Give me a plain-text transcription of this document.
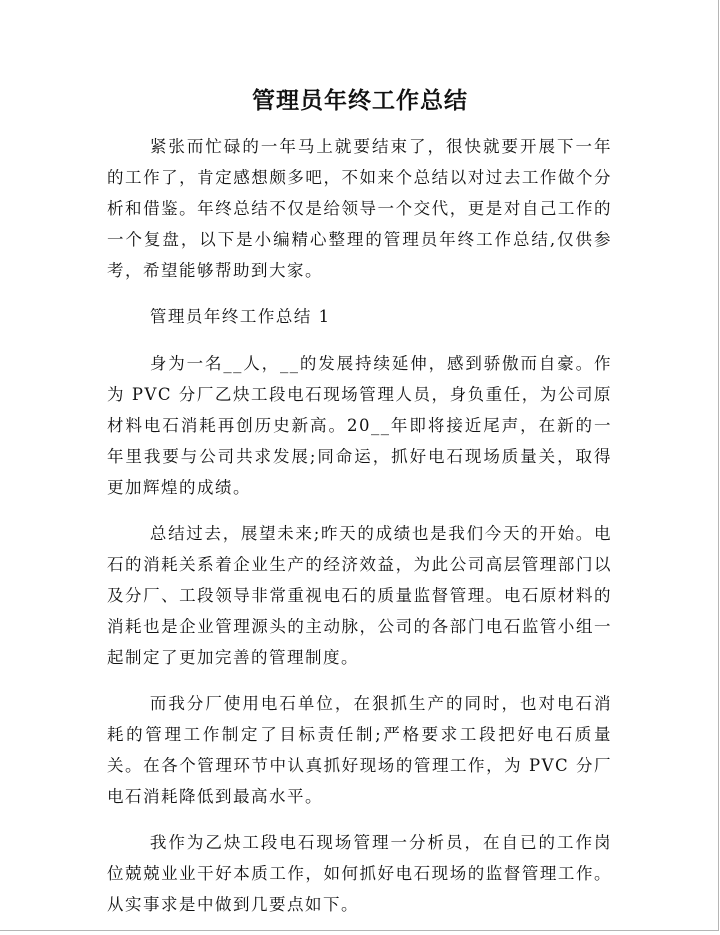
管理员年终工作总结

紧张而忙碌的一年马上就要结束了，很快就要开展下一年的工作了，肯定感想颇多吧，不如来个总结以对过去工作做个分析和借鉴。年终总结不仅是给领导一个交代，更是对自己工作的一个复盘，以下是小编精心整理的管理员年终工作总结,仅供参考，希望能够帮助到大家。

管理员年终工作总结 1

身为一名__人，__的发展持续延伸，感到骄傲而自豪。作为 PVC 分厂乙炔工段电石现场管理人员，身负重任，为公司原材料电石消耗再创历史新高。20__年即将接近尾声，在新的一年里我要与公司共求发展;同命运，抓好电石现场质量关，取得更加辉煌的成绩。

总结过去，展望未来;昨天的成绩也是我们今天的开始。电石的消耗关系着企业生产的经济效益，为此公司高层管理部门以及分厂、工段领导非常重视电石的质量监督管理。电石原材料的消耗也是企业管理源头的主动脉，公司的各部门电石监管小组一起制定了更加完善的管理制度。

而我分厂使用电石单位，在狠抓生产的同时，也对电石消耗的管理工作制定了目标责任制;严格要求工段把好电石质量关。在各个管理环节中认真抓好现场的管理工作，为 PVC 分厂电石消耗降低到最高水平。

我作为乙炔工段电石现场管理一分析员，在自已的工作岗位兢兢业业干好本质工作，如何抓好电石现场的监督管理工作。从实事求是中做到几要点如下。
